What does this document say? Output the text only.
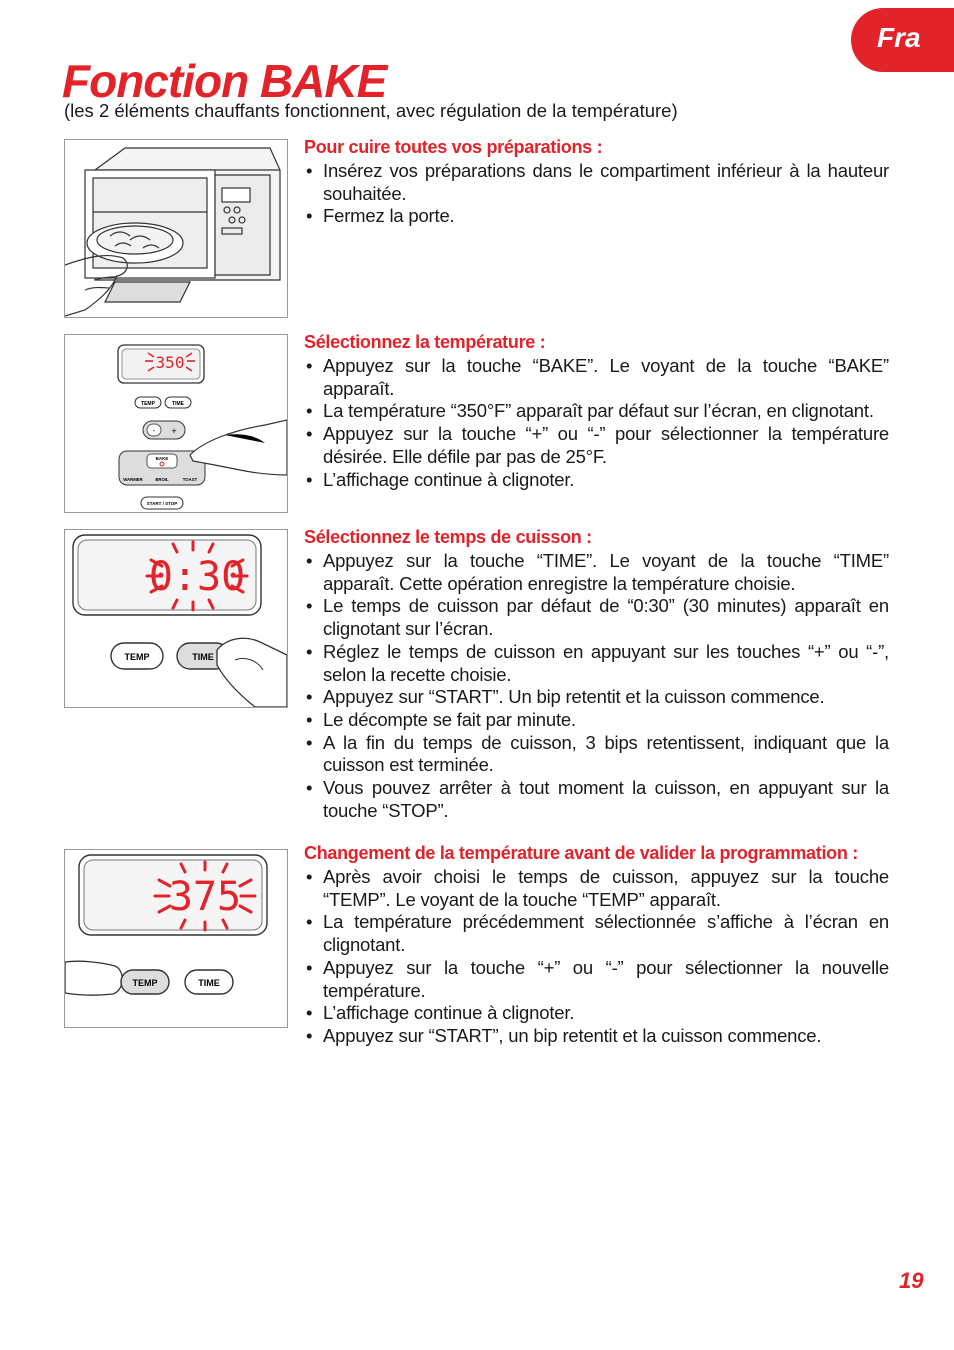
Fra
Fonction BAKE
(les 2 éléments chauffants fonctionnent, avec régulation de la température)
350
TEMP	TIME
- +
BAKE
WARMER	BROIL	TOAST
START / STOP
0:30
TEMP	TIME
375
TEMP	TIME
Pour cuire toutes vos préparations :
• Insérez vos préparations dans le compartiment inférieur à la hauteur souhaitée.
• Fermez la porte.
Sélectionnez la température :
• Appuyez sur la touche “BAKE”. Le voyant de la touche “BAKE” apparaît.
• La température “350°F” apparaît par défaut sur l’écran, en clignotant.
• Appuyez sur la touche “+” ou “-” pour sélectionner la température désirée. Elle défile par pas de 25°F.
• L’affichage continue à clignoter.
Sélectionnez le temps de cuisson :
• Appuyez sur la touche “TIME”. Le voyant de la touche “TIME” apparaît. Cette opération enregistre la température choisie.
• Le temps de cuisson par défaut de “0:30” (30 minutes) apparaît en clignotant sur l’écran.
• Réglez le temps de cuisson en appuyant sur les touches “+” ou “-”, selon la recette choisie.
• Appuyez sur “START”. Un bip retentit et la cuisson commence.
• Le décompte se fait par minute.
• A la fin du temps de cuisson, 3 bips retentissent, indiquant que la cuisson est terminée.
• Vous pouvez arrêter à tout moment la cuisson, en appuyant sur la touche “STOP”.
Changement de la température avant de valider la programmation :
• Après avoir choisi le temps de cuisson, appuyez sur la touche “TEMP”. Le voyant de la touche “TEMP” apparaît.
• La température précédemment sélectionnée s’affiche à l’écran en clignotant.
• Appuyez sur la touche “+” ou “-” pour sélectionner la nouvelle température.
• L’affichage continue à clignoter.
• Appuyez sur “START”, un bip retentit et la cuisson commence.
19
